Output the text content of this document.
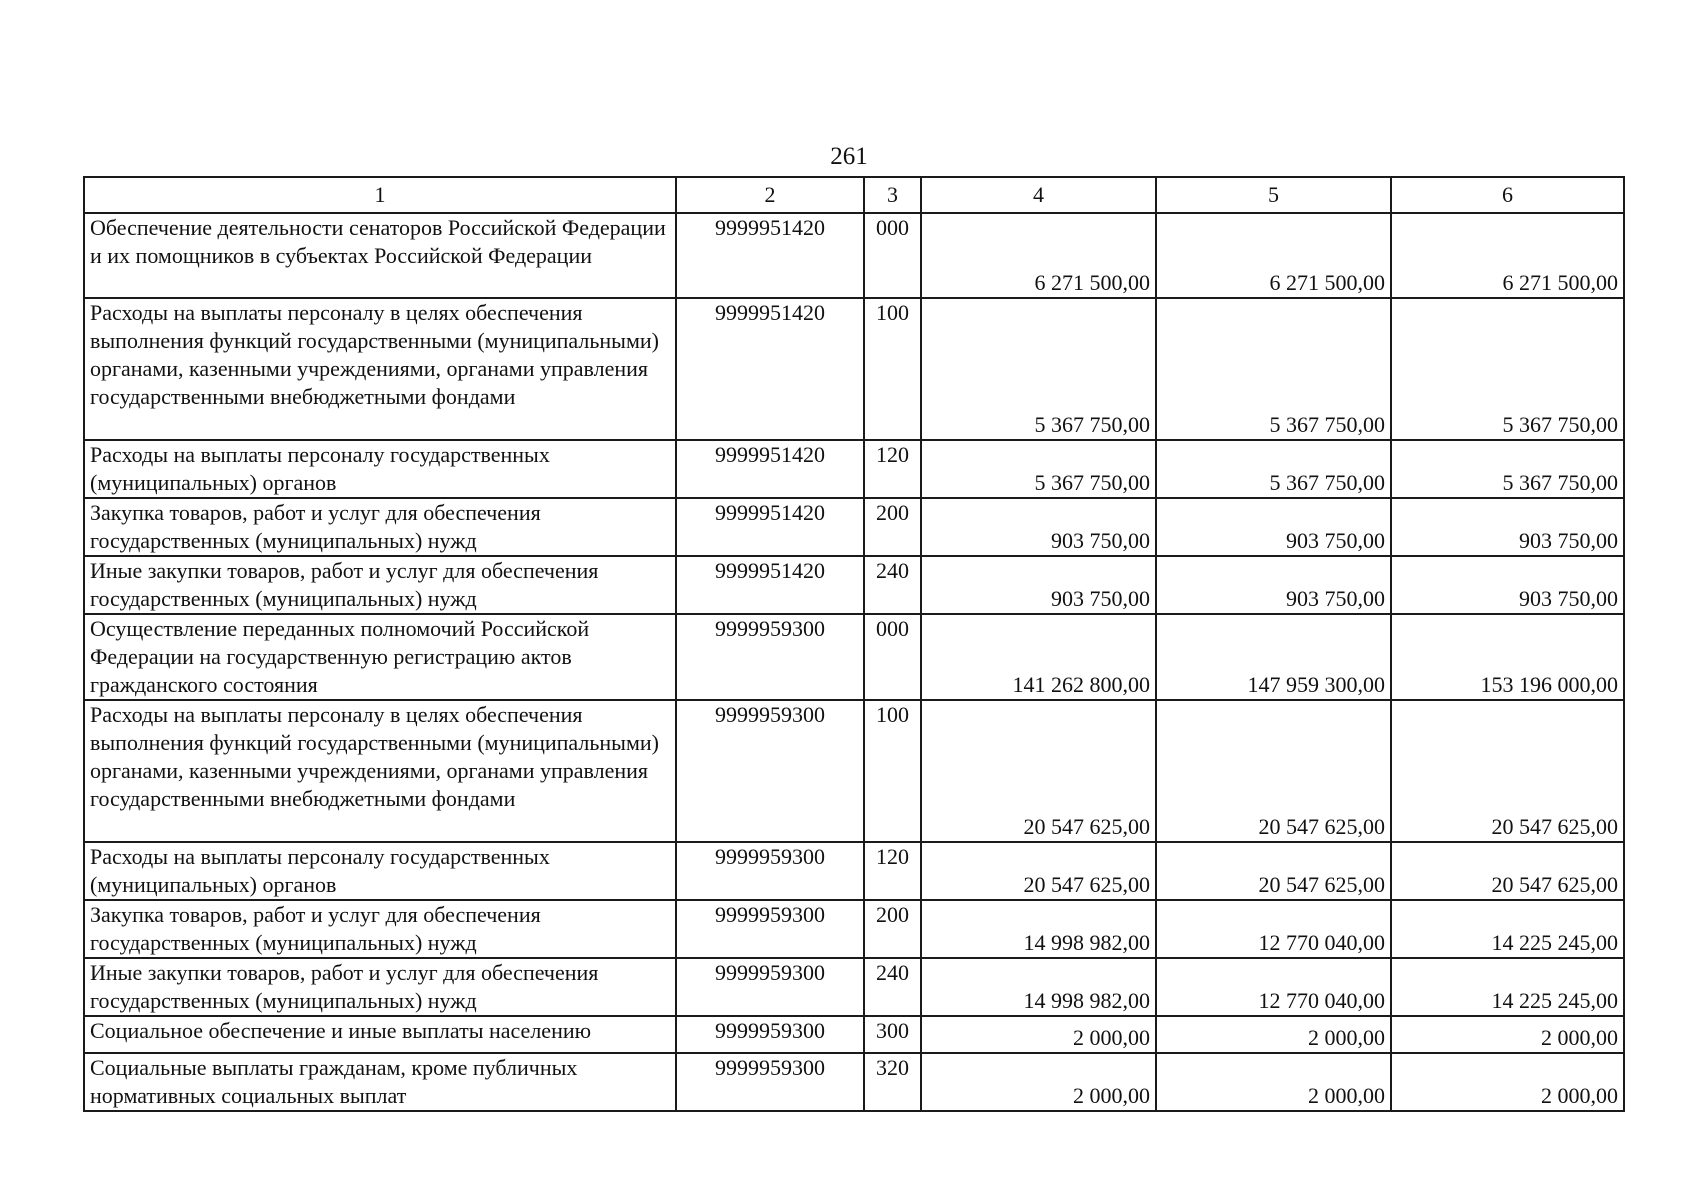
261
1	2	3	4	5	6
Обеспечение деятельности сенаторов Российской Федерации и их помощников в субъектах Российской Федерации	9999951420	000	6 271 500,00	6 271 500,00	6 271 500,00
Расходы на выплаты персоналу в целях обеспечения выполнения функций государственными (муниципальными) органами, казенными учреждениями, органами управления государственными внебюджетными фондами	9999951420	100	5 367 750,00	5 367 750,00	5 367 750,00
Расходы на выплаты персоналу государственных (муниципальных) органов	9999951420	120	5 367 750,00	5 367 750,00	5 367 750,00
Закупка товаров, работ и услуг для обеспечения государственных (муниципальных) нужд	9999951420	200	903 750,00	903 750,00	903 750,00
Иные закупки товаров, работ и услуг для обеспечения государственных (муниципальных) нужд	9999951420	240	903 750,00	903 750,00	903 750,00
Осуществление переданных полномочий Российской Федерации на государственную регистрацию актов гражданского состояния	9999959300	000	141 262 800,00	147 959 300,00	153 196 000,00
Расходы на выплаты персоналу в целях обеспечения выполнения функций государственными (муниципальными) органами, казенными учреждениями, органами управления государственными внебюджетными фондами	9999959300	100	20 547 625,00	20 547 625,00	20 547 625,00
Расходы на выплаты персоналу государственных (муниципальных) органов	9999959300	120	20 547 625,00	20 547 625,00	20 547 625,00
Закупка товаров, работ и услуг для обеспечения государственных (муниципальных) нужд	9999959300	200	14 998 982,00	12 770 040,00	14 225 245,00
Иные закупки товаров, работ и услуг для обеспечения государственных (муниципальных) нужд	9999959300	240	14 998 982,00	12 770 040,00	14 225 245,00
Социальное обеспечение и иные выплаты населению	9999959300	300	2 000,00	2 000,00	2 000,00
Социальные выплаты гражданам, кроме публичных нормативных социальных выплат	9999959300	320	2 000,00	2 000,00	2 000,00
